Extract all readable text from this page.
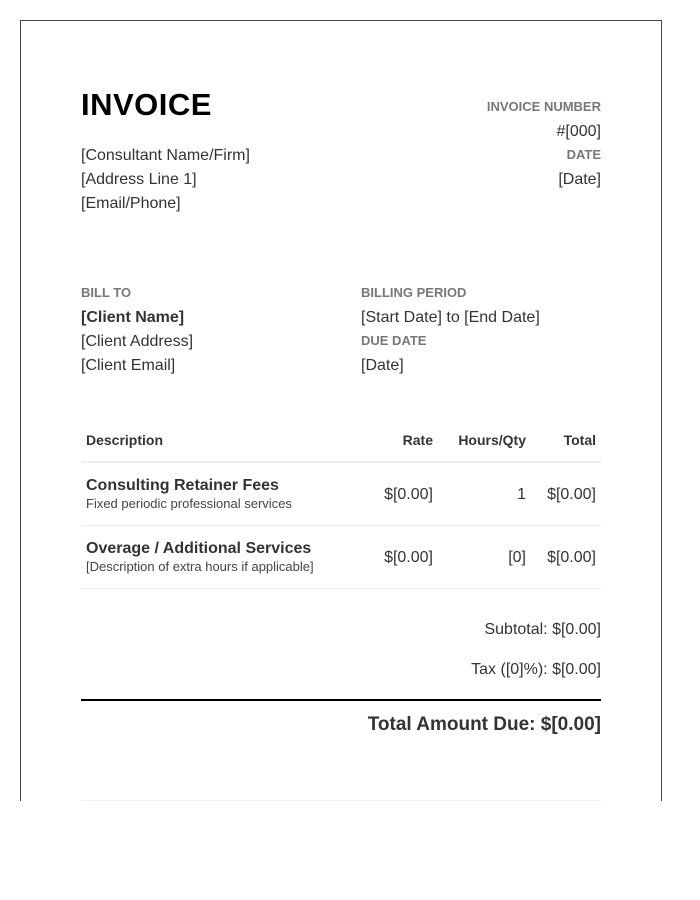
INVOICE
[Consultant Name/Firm]
[Address Line 1]
[Email/Phone]
INVOICE NUMBER
#[000]
DATE
[Date]
BILL TO
[Client Name]
[Client Address]
[Client Email]
BILLING PERIOD
[Start Date] to [End Date]
DUE DATE
[Date]
Description	Rate Hours/Qty	Total
Consulting Retainer Fees
Fixed periodic professional services
$[0.00]	1 $[0.00]
Overage / Additional Services
[Description of extra hours if applicable]
$[0.00]	[0] $[0.00]
Subtotal: $[0.00]
Tax ([0]%): $[0.00]
Total Amount Due: $[0.00]
